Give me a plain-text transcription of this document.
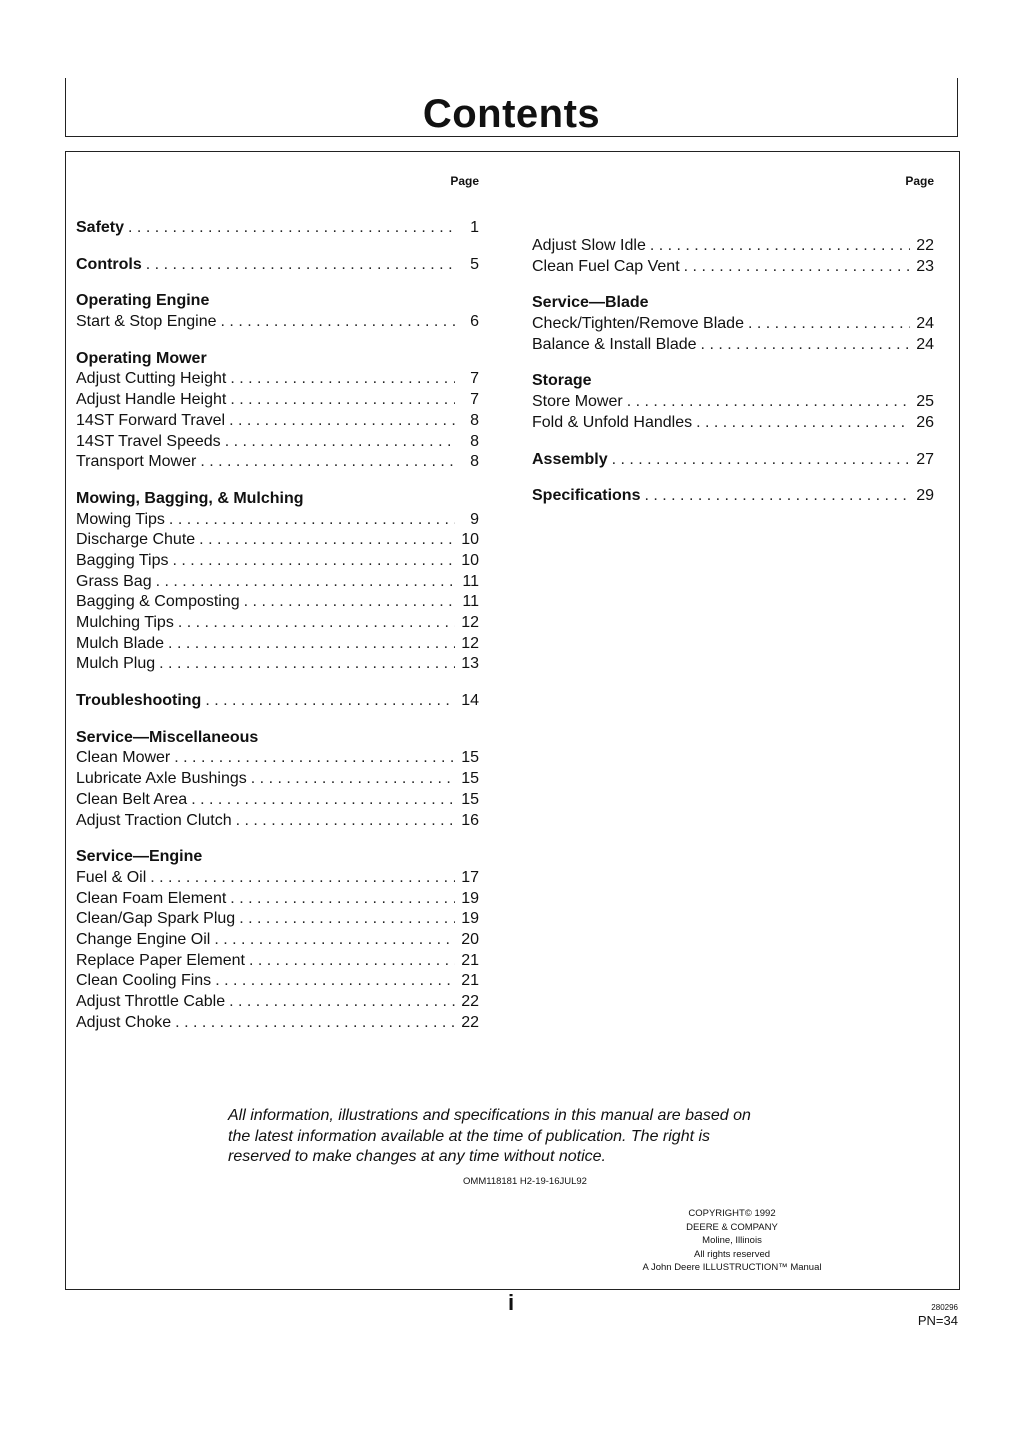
Contents
Page
Safety . . .	1
Controls . . .	5
Operating Engine
Start & Stop Engine . . .	6
Operating Mower
Adjust Cutting Height . . .	7
Adjust Handle Height . . .	7
14ST Forward Travel . . .	8
14ST Travel Speeds . . .	8
Transport Mower . . .	8
Mowing, Bagging, & Mulching
Mowing Tips . . .	9
Discharge Chute . . .	10
Bagging Tips . . .	10
Grass Bag . . .	11
Bagging & Composting . . .	11
Mulching Tips . . .	12
Mulch Blade . . .	12
Mulch Plug . . .	13
Troubleshooting . . .	14
Service—Miscellaneous
Clean Mower . . .	15
Lubricate Axle Bushings . . .	15
Clean Belt Area . . .	15
Adjust Traction Clutch . . .	16
Service—Engine
Fuel & Oil . . .	17
Clean Foam Element . . .	19
Clean/Gap Spark Plug . . .	19
Change Engine Oil . . .	20
Replace Paper Element . . .	21
Clean Cooling Fins . . .	21
Adjust Throttle Cable . . .	22
Adjust Choke . . .	22
Page
Adjust Slow Idle . . .	22
Clean Fuel Cap Vent . . .	23
Service—Blade
Check/Tighten/Remove Blade . . .	24
Balance & Install Blade . . .	24
Storage
Store Mower . . .	25
Fold & Unfold Handles . . .	26
Assembly . . .	27
Specifications . . .	29
All information, illustrations and specifications in this manual are based on
the latest information available at the time of publication. The right is
reserved to make changes at any time without notice.
OMM118181 H2-19-16JUL92
COPYRIGHT© 1992
DEERE & COMPANY
Moline, Illinois
All rights reserved
A John Deere ILLUSTRUCTION™ Manual
i	280296
PN=34
